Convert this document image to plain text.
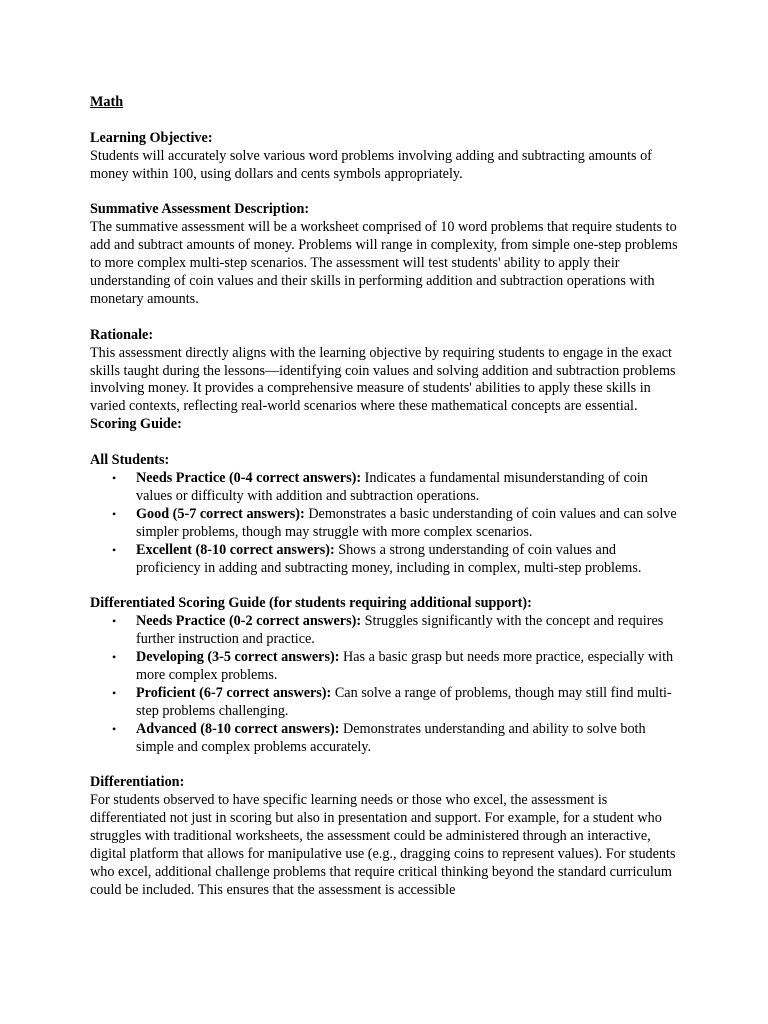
Math

Learning Objective:

Students will accurately solve various word problems involving adding and subtracting amounts of money within 100, using dollars and cents symbols appropriately.

Summative Assessment Description:

The summative assessment will be a worksheet comprised of 10 word problems that require students to add and subtract amounts of money. Problems will range in complexity, from simple one-step problems to more complex multi-step scenarios. The assessment will test students' ability to apply their understanding of coin values and their skills in performing addition and subtraction operations with monetary amounts.

Rationale:

This assessment directly aligns with the learning objective by requiring students to engage in the exact skills taught during the lessons—identifying coin values and solving addition and subtraction problems involving money. It provides a comprehensive measure of students' abilities to apply these skills in varied contexts, reflecting real-world scenarios where these mathematical concepts are essential.

Scoring Guide:

All Students:

• Needs Practice (0-4 correct answers): Indicates a fundamental misunderstanding of coin values or difficulty with addition and subtraction operations.
• Good (5-7 correct answers): Demonstrates a basic understanding of coin values and can solve simpler problems, though may struggle with more complex scenarios.
• Excellent (8-10 correct answers): Shows a strong understanding of coin values and proficiency in adding and subtracting money, including in complex, multi-step problems.

Differentiated Scoring Guide (for students requiring additional support):

• Needs Practice (0-2 correct answers): Struggles significantly with the concept and requires further instruction and practice.
• Developing (3-5 correct answers): Has a basic grasp but needs more practice, especially with more complex problems.
• Proficient (6-7 correct answers): Can solve a range of problems, though may still find multi-step problems challenging.
• Advanced (8-10 correct answers): Demonstrates understanding and ability to solve both simple and complex problems accurately.

Differentiation:

For students observed to have specific learning needs or those who excel, the assessment is differentiated not just in scoring but also in presentation and support. For example, for a student who struggles with traditional worksheets, the assessment could be administered through an interactive, digital platform that allows for manipulative use (e.g., dragging coins to represent values). For students who excel, additional challenge problems that require critical thinking beyond the standard curriculum could be included. This ensures that the assessment is accessible
